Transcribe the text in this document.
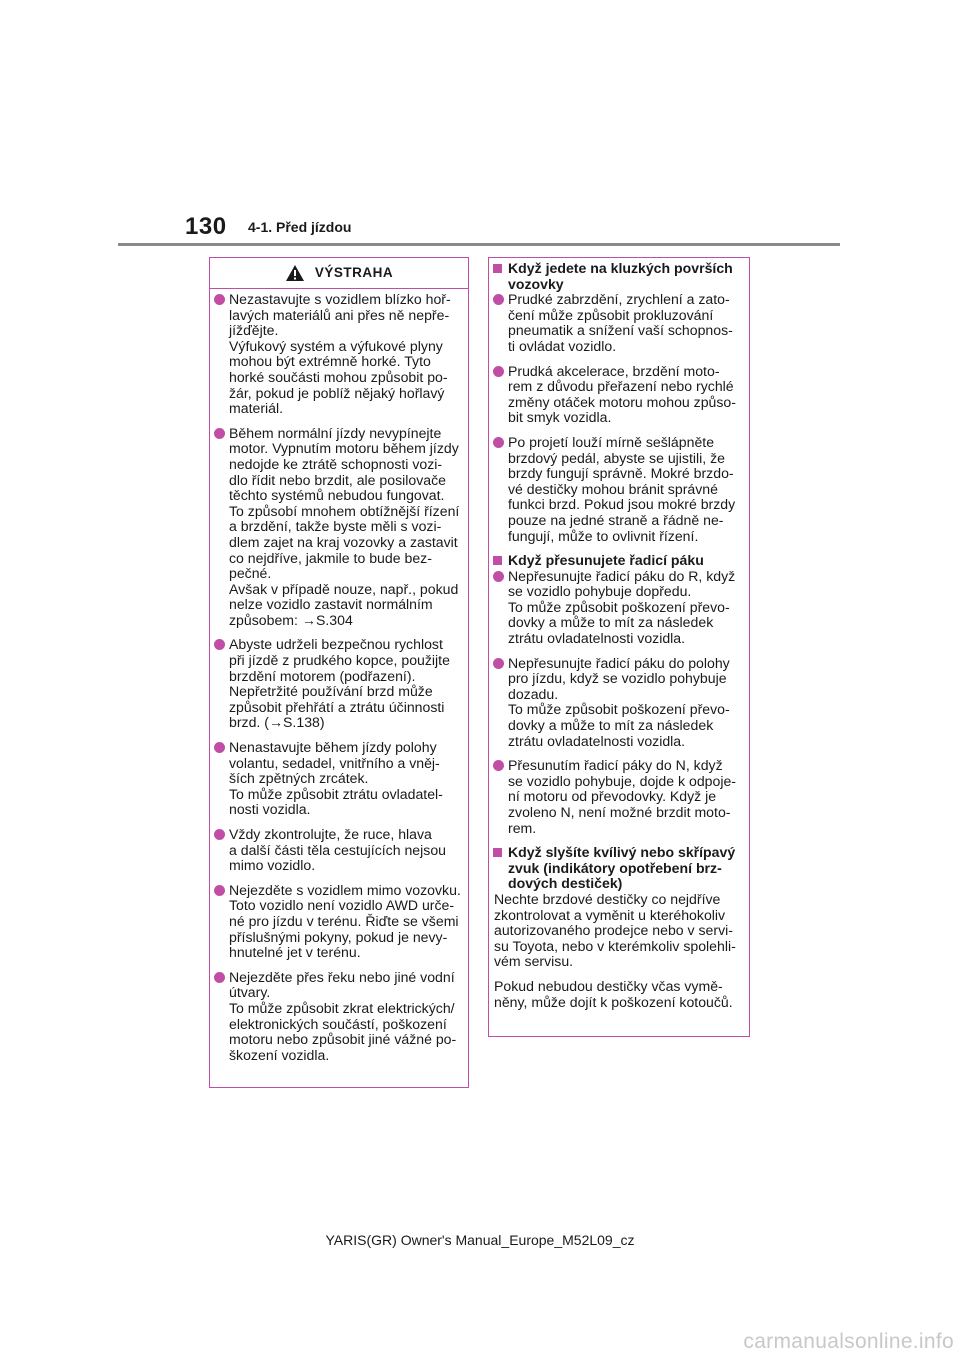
130 4-1. Před jízdou
VÝSTRAHA
Nezastavujte s vozidlem blízko hoř-
lavých materiálů ani přes ně nepře-
jížďějte.
Výfukový systém a výfukové plyny
mohou být extrémně horké. Tyto
horké součásti mohou způsobit po-
žár, pokud je poblíž nějaký hořlavý
materiál.
Během normální jízdy nevypínejte
motor. Vypnutím motoru během jízdy
nedojde ke ztrátě schopnosti vozi-
dlo řídit nebo brzdit, ale posilovače
těchto systémů nebudou fungovat.
To způsobí mnohem obtížnější řízení
a brzdění, takže byste měli s vozi-
dlem zajet na kraj vozovky a zastavit
co nejdříve, jakmile to bude bez-
pečné.
Avšak v případě nouze, např., pokud
nelze vozidlo zastavit normálním
způsobem: →S.304
Abyste udrželi bezpečnou rychlost
při jízdě z prudkého kopce, použijte
brzdění motorem (podřazení).
Nepřetržité používání brzd může
způsobit přehřátí a ztrátu účinnosti
brzd. (→S.138)
Nenastavujte během jízdy polohy
volantu, sedadel, vnitřního a vněj-
ších zpětných zrcátek.
To může způsobit ztrátu ovladatel-
nosti vozidla.
Vždy zkontrolujte, že ruce, hlava
a další části těla cestujících nejsou
mimo vozidlo.
Nejezděte s vozidlem mimo vozovku.
Toto vozidlo není vozidlo AWD urče-
né pro jízdu v terénu. Řiďte se všemi
příslušnými pokyny, pokud je nevy-
hnutelné jet v terénu.
Nejezděte přes řeku nebo jiné vodní
útvary.
To může způsobit zkrat elektrických/
elektronických součástí, poškození
motoru nebo způsobit jiné vážné po-
škození vozidla.
Když jedete na kluzkých površích
vozovky
Prudké zabrzdění, zrychlení a zato-
čení může způsobit prokluzování
pneumatik a snížení vaší schopnos-
ti ovládat vozidlo.
Prudká akcelerace, brzdění moto-
rem z důvodu přeřazení nebo rychlé
změny otáček motoru mohou způso-
bit smyk vozidla.
Po projetí louží mírně sešlápněte
brzdový pedál, abyste se ujistili, že
brzdy fungují správně. Mokré brzdo-
vé destičky mohou bránit správné
funkci brzd. Pokud jsou mokré brzdy
pouze na jedné straně a řádně ne-
fungují, může to ovlivnit řízení.
Když přesunujete řadicí páku
Nepřesunujte řadicí páku do R, když
se vozidlo pohybuje dopředu.
To může způsobit poškození převo-
dovky a může to mít za následek
ztrátu ovladatelnosti vozidla.
Nepřesunujte řadicí páku do polohy
pro jízdu, když se vozidlo pohybuje
dozadu.
To může způsobit poškození převo-
dovky a může to mít za následek
ztrátu ovladatelnosti vozidla.
Přesunutím řadicí páky do N, když
se vozidlo pohybuje, dojde k odpoje-
ní motoru od převodovky. Když je
zvoleno N, není možné brzdit moto-
rem.
Když slyšíte kvílivý nebo skřípavý
zvuk (indikátory opotřebení brz-
dových destiček)
Nechte brzdové destičky co nejdříve
zkontrolovat a vyměnit u kteréhokoliv
autorizovaného prodejce nebo v servi-
su Toyota, nebo v kterémkoliv spolehli-
vém servisu.
Pokud nebudou destičky včas vymě-
něny, může dojít k poškození kotoučů.
YARIS(GR) Owner's Manual_Europe_M52L09_cz
carmanualsonline.info
